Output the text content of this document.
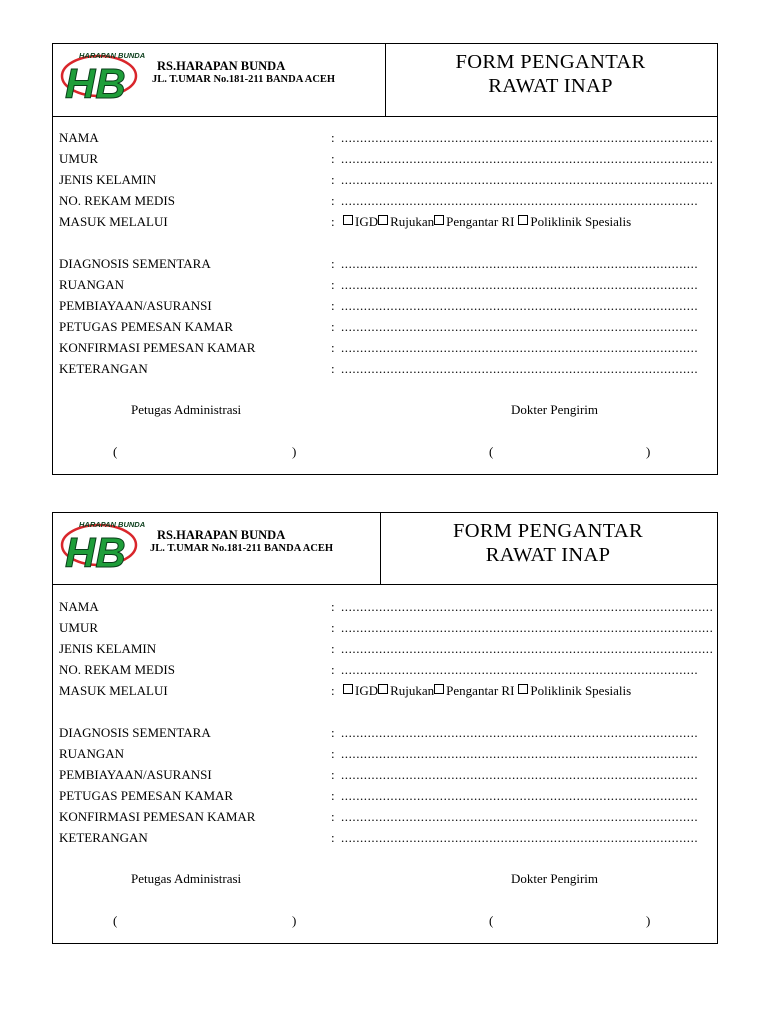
HARAPAN BUNDA
HB	RS.HARAPAN BUNDA
JL. T.UMAR No.181-211 BANDA ACEH
FORM PENGANTAR
RAWAT INAP
NAMA	: ..................................................................................................
UMUR	: ..................................................................................................
JENIS KELAMIN	: ..................................................................................................
NO. REKAM MEDIS	: ..............................................................................................
MASUK MELALUI	:	IGD Rujukan Pengantar RI Poliklinik Spesialis
DIAGNOSIS SEMENTARA	: ..............................................................................................
RUANGAN	: ..............................................................................................
PEMBIAYAAN/ASURANSI	: ..............................................................................................
PETUGAS PEMESAN KAMAR	: ..............................................................................................
KONFIRMASI PEMESAN KAMAR	: ..............................................................................................
KETERANGAN	: ..............................................................................................
Petugas Administrasi	Dokter Pengirim
(	)	(	)
HARAPAN BUNDA
HB	RS.HARAPAN BUNDA
JL. T.UMAR No.181-211 BANDA ACEH
FORM PENGANTAR
RAWAT INAP
NAMA	: ..................................................................................................
UMUR	: ..................................................................................................
JENIS KELAMIN	: ..................................................................................................
NO. REKAM MEDIS	: ..............................................................................................
MASUK MELALUI	:	IGD Rujukan Pengantar RI Poliklinik Spesialis
DIAGNOSIS SEMENTARA	: ..............................................................................................
RUANGAN	: ..............................................................................................
PEMBIAYAAN/ASURANSI	: ..............................................................................................
PETUGAS PEMESAN KAMAR	: ..............................................................................................
KONFIRMASI PEMESAN KAMAR	: ..............................................................................................
KETERANGAN	: ..............................................................................................
Petugas Administrasi	Dokter Pengirim
(	)	(	)
